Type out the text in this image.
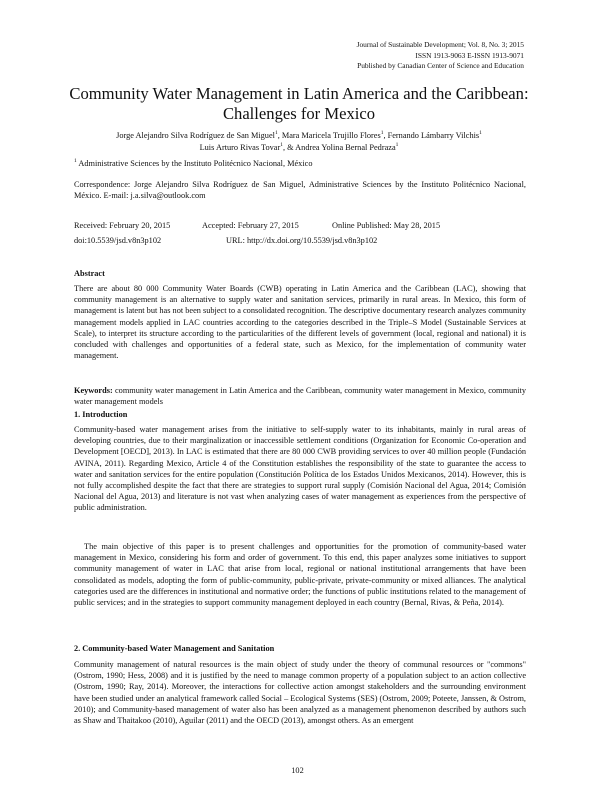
Journal of Sustainable Development; Vol. 8, No. 3; 2015
ISSN 1913-9063 E-ISSN 1913-9071
Published by Canadian Center of Science and Education
Community Water Management in Latin America and the Caribbean:
Challenges for Mexico
Jorge Alejandro Silva Rodríguez de San Miguel$^1$, Mara Maricela Trujillo Flores$^1$, Fernando Lámbarry Vilchis$^1$
Luis Arturo Rivas Tovar$^1$, & Andrea Yolina Bernal Pedraza$^1$
$^1$ Administrative Sciences by the Instituto Politécnico Nacional, México
Correspondence: Jorge Alejandro Silva Rodríguez de San Miguel, Administrative Sciences by the Instituto Politécnico Nacional, México. E-mail: j.a.silva@outlook.com
Received: February 20, 2015	Accepted: February 27, 2015	Online Published: May 28, 2015
doi:10.5539/jsd.v8n3p102	URL: http://dx.doi.org/10.5539/jsd.v8n3p102
Abstract
There are about 80 000 Community Water Boards (CWB) operating in Latin America and the Caribbean (LAC), showing that community management is an alternative to supply water and sanitation services, primarily in rural areas. In Mexico, this form of management is latent but has not been subject to a consolidated recognition. The descriptive documentary research analyzes community management models applied in LAC countries according to the categories described in the Triple–S Model (Sustainable Services at Scale), to interpret its structure according to the particularities of the different levels of government (local, regional and national) it is concluded with challenges and opportunities of a federal state, such as Mexico, for the implementation of community water management.
Keywords: community water management in Latin America and the Caribbean, community water management in Mexico, community water management models
1. Introduction
Community-based water management arises from the initiative to self-supply water to its inhabitants, mainly in rural areas of developing countries, due to their marginalization or inaccessible settlement conditions (Organization for Economic Co-operation and Development [OECD], 2013). In LAC is estimated that there are 80 000 CWB providing services to over 40 million people (Fundación AVINA, 2011). Regarding Mexico, Article 4 of the Constitution establishes the responsibility of the state to guarantee the access to water and sanitation services for the entire population (Constitución Política de los Estados Unidos Mexicanos, 2014). However, this is not fully accomplished despite the fact that there are strategies to support rural supply (Comisión Nacional del Agua, 2014; Comisión Nacional del Agua, 2013) and literature is not vast when analyzing cases of water management as experiences from the perspective of public administration.
The main objective of this paper is to present challenges and opportunities for the promotion of community-based water management in Mexico, considering his form and order of government. To this end, this paper analyzes some initiatives to support community management of water in LAC that arise from local, regional or national institutional arrangements that have been consolidated as models, adopting the form of public-community, public-private, private-community or mixed alliances. The analytical categories used are the differences in institutional and normative order; the functions of public institutions related to the management of public services; and in the strategies to support community management deployed in each country (Bernal, Rivas, & Peña, 2014).
2. Community-based Water Management and Sanitation
Community management of natural resources is the main object of study under the theory of communal resources or "commons" (Ostrom, 1990; Hess, 2008) and it is justified by the need to manage common property of a population subject to an action collective (Ostrom, 1990; Ray, 2014). Moreover, the interactions for collective action amongst stakeholders and the surrounding environment have been studied under an analytical framework called Social – Ecological Systems (SES) (Ostrom, 2009; Poteete, Janssen, & Ostrom, 2010); and Community-based management of water also has been analyzed as a management phenomenon described by authors such as Shaw and Thaitakoo (2010), Aguilar (2011) and the OECD (2013), amongst others. As an emergent
102
